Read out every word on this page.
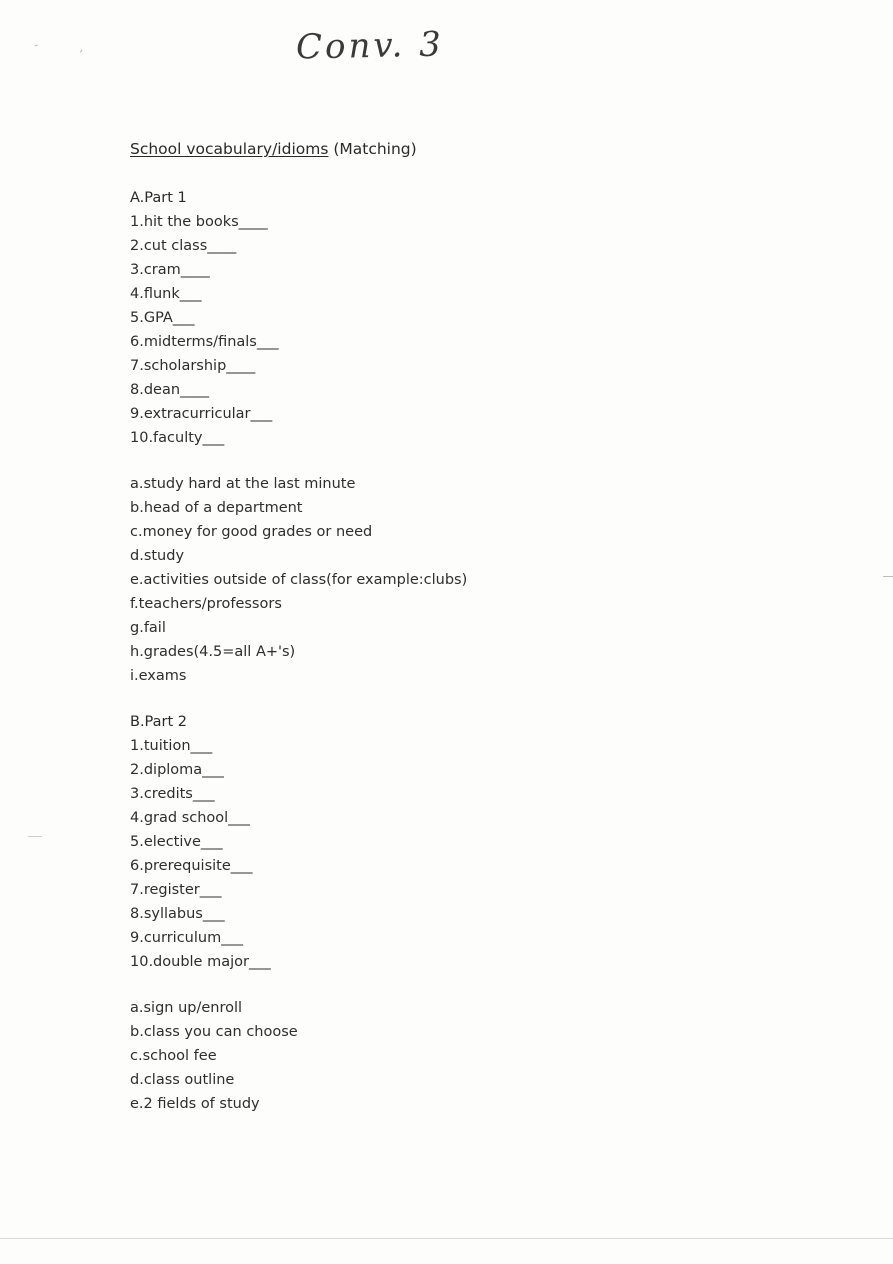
‐
’	Conv. 3
School vocabulary/idioms (Matching)
A.Part 1
1.hit the books____
2.cut class____
3.cram____
4.flunk___
5.GPA___
6.midterms/finals___
7.scholarship____
8.dean____
9.extracurricular___
10.faculty___
a.study hard at the last minute
b.head of a department
c.money for good grades or need
d.study
e.activities outside of class(for example:clubs)
f.teachers/professors
g.fail
h.grades(4.5=all A+'s)
i.exams
B.Part 2
1.tuition___
2.diploma___
3.credits___
4.grad school___
5.elective___
6.prerequisite___
7.register___
8.syllabus___
9.curriculum___
10.double major___
a.sign up/enroll
b.class you can choose
c.school fee
d.class outline
e.2 fields of study
